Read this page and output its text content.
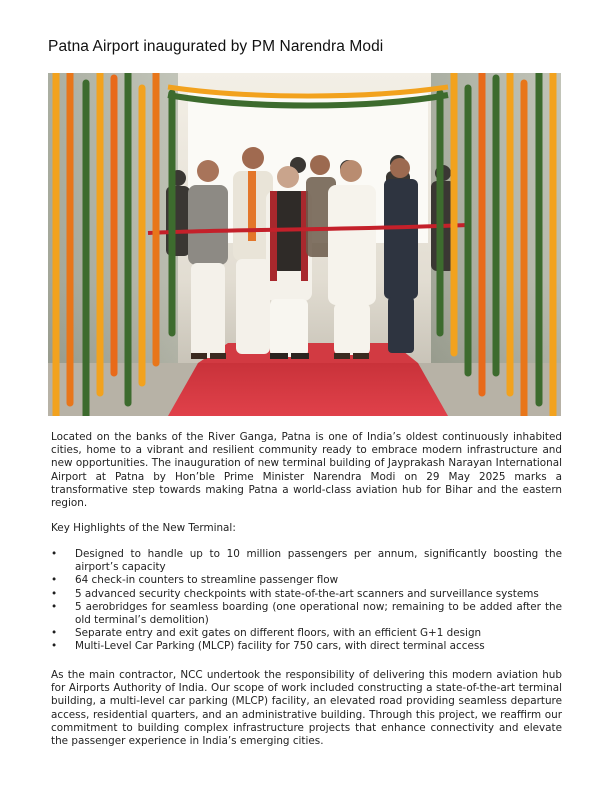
Patna Airport inaugurated by PM Narendra Modi

Located on the banks of the River Ganga, Patna is one of India’s oldest continuously inhabited cities, home to a vibrant and resilient community ready to embrace modern infrastructure and new opportunities. The inauguration of new terminal building of Jayprakash Narayan International Airport at Patna by Hon’ble Prime Minister Narendra Modi on 29 May 2025 marks a transformative step towards making Patna a world-class aviation hub for Bihar and the eastern region.

Key Highlights of the New Terminal:

• Designed to handle up to 10 million passengers per annum, significantly boosting the airport’s capacity
• 64 check-in counters to streamline passenger flow
• 5 advanced security checkpoints with state-of-the-art scanners and surveillance systems
• 5 aerobridges for seamless boarding (one operational now; remaining to be added after the old terminal’s demolition)
• Separate entry and exit gates on different floors, with an efficient G+1 design
• Multi-Level Car Parking (MLCP) facility for 750 cars, with direct terminal access

As the main contractor, NCC undertook the responsibility of delivering this modern aviation hub for Airports Authority of India. Our scope of work included constructing a state-of-the-art terminal building, a multi-level car parking (MLCP) facility, an elevated road providing seamless departure access, residential quarters, and an administrative building. Through this project, we reaffirm our commitment to building complex infrastructure projects that enhance connectivity and elevate the passenger experience in India’s emerging cities.
